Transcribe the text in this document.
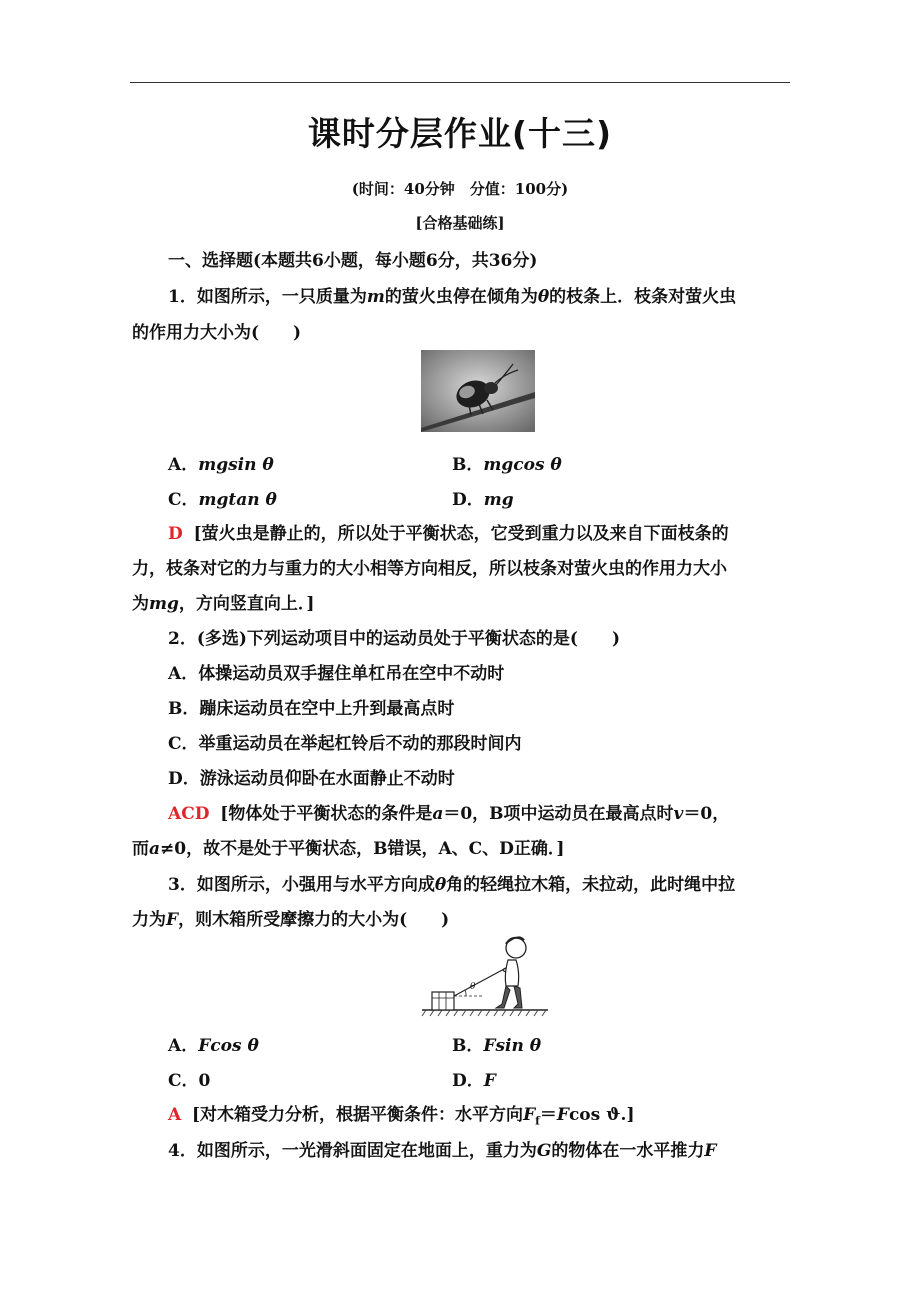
课时分层作业(十三)
(时间：40分钟　分值：100分)
[合格基础练]
一、选择题(本题共6小题，每小题6分，共36分)
1．如图所示，一只质量为m的萤火虫停在倾角为θ的枝条上．枝条对萤火虫
的作用力大小为(　　)
A．mgsin θ	B．mgcos θ
C．mgtan θ	D．mg
D [萤火虫是静止的，所以处于平衡状态，它受到重力以及来自下面枝条的
力，枝条对它的力与重力的大小相等方向相反，所以枝条对萤火虫的作用力大小
为mg，方向竖直向上．]
2．(多选)下列运动项目中的运动员处于平衡状态的是(　　)
A．体操运动员双手握住单杠吊在空中不动时
B．蹦床运动员在空中上升到最高点时
C．举重运动员在举起杠铃后不动的那段时间内
D．游泳运动员仰卧在水面静止不动时
ACD [物体处于平衡状态的条件是a＝0，B项中运动员在最高点时v＝0，
而a≠0，故不是处于平衡状态，B错误，A、C、D正确．]
3．如图所示，小强用与水平方向成θ角的轻绳拉木箱，未拉动，此时绳中拉
力为F，则木箱所受摩擦力的大小为(　　)
θ
A．Fcos θ	B．Fsin θ
C．0	D．F
A [对木箱受力分析，根据平衡条件：水平方向$F_f=Fcos$ ϑ.]
4．如图所示，一光滑斜面固定在地面上，重力为G的物体在一水平推力F
